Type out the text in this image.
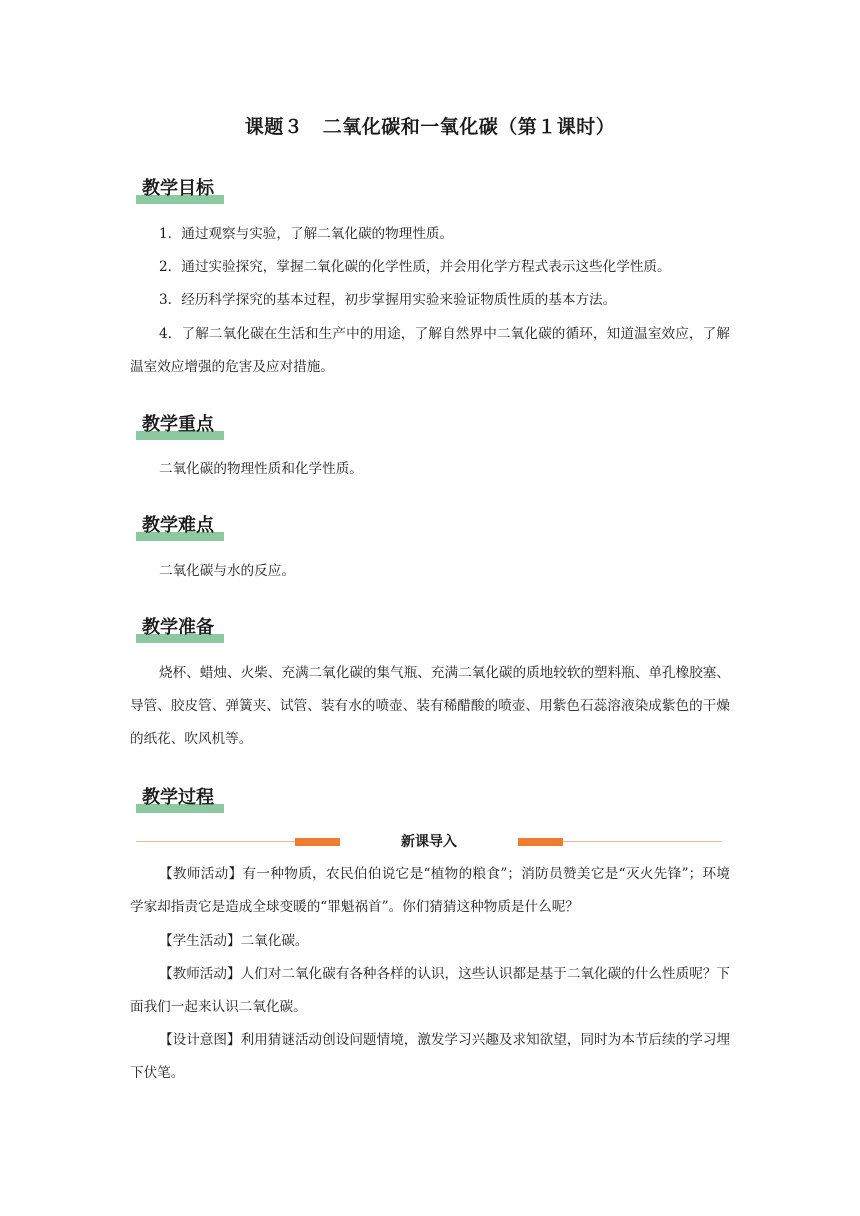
课题３　二氧化碳和一氧化碳（第１课时）
教学目标

1．通过观察与实验，了解二氧化碳的物理性质。

2．通过实验探究，掌握二氧化碳的化学性质，并会用化学方程式表示这些化学性质。

3．经历科学探究的基本过程，初步掌握用实验来验证物质性质的基本方法。

4．了解二氧化碳在生活和生产中的用途，了解自然界中二氧化碳的循环，知道温室效应，了解温室效应增强的危害及应对措施。

教学重点

二氧化碳的物理性质和化学性质。

教学难点

二氧化碳与水的反应。

教学准备

烧杯、蜡烛、火柴、充满二氧化碳的集气瓶、充满二氧化碳的质地较软的塑料瓶、单孔橡胶塞、导管、胶皮管、弹簧夹、试管、装有水的喷壶、装有稀醋酸的喷壶、用紫色石蕊溶液染成紫色的干燥的纸花、吹风机等。

教学过程
新课导入

【教师活动】有一种物质，农民伯伯说它是“植物的粮食”；消防员赞美它是“灭火先锋”；环境学家却指责它是造成全球变暖的“罪魁祸首”。你们猜猜这种物质是什么呢？

【学生活动】二氧化碳。

【教师活动】人们对二氧化碳有各种各样的认识，这些认识都是基于二氧化碳的什么性质呢？下面我们一起来认识二氧化碳。

【设计意图】利用猜谜活动创设问题情境，激发学习兴趣及求知欲望，同时为本节后续的学习埋下伏笔。
